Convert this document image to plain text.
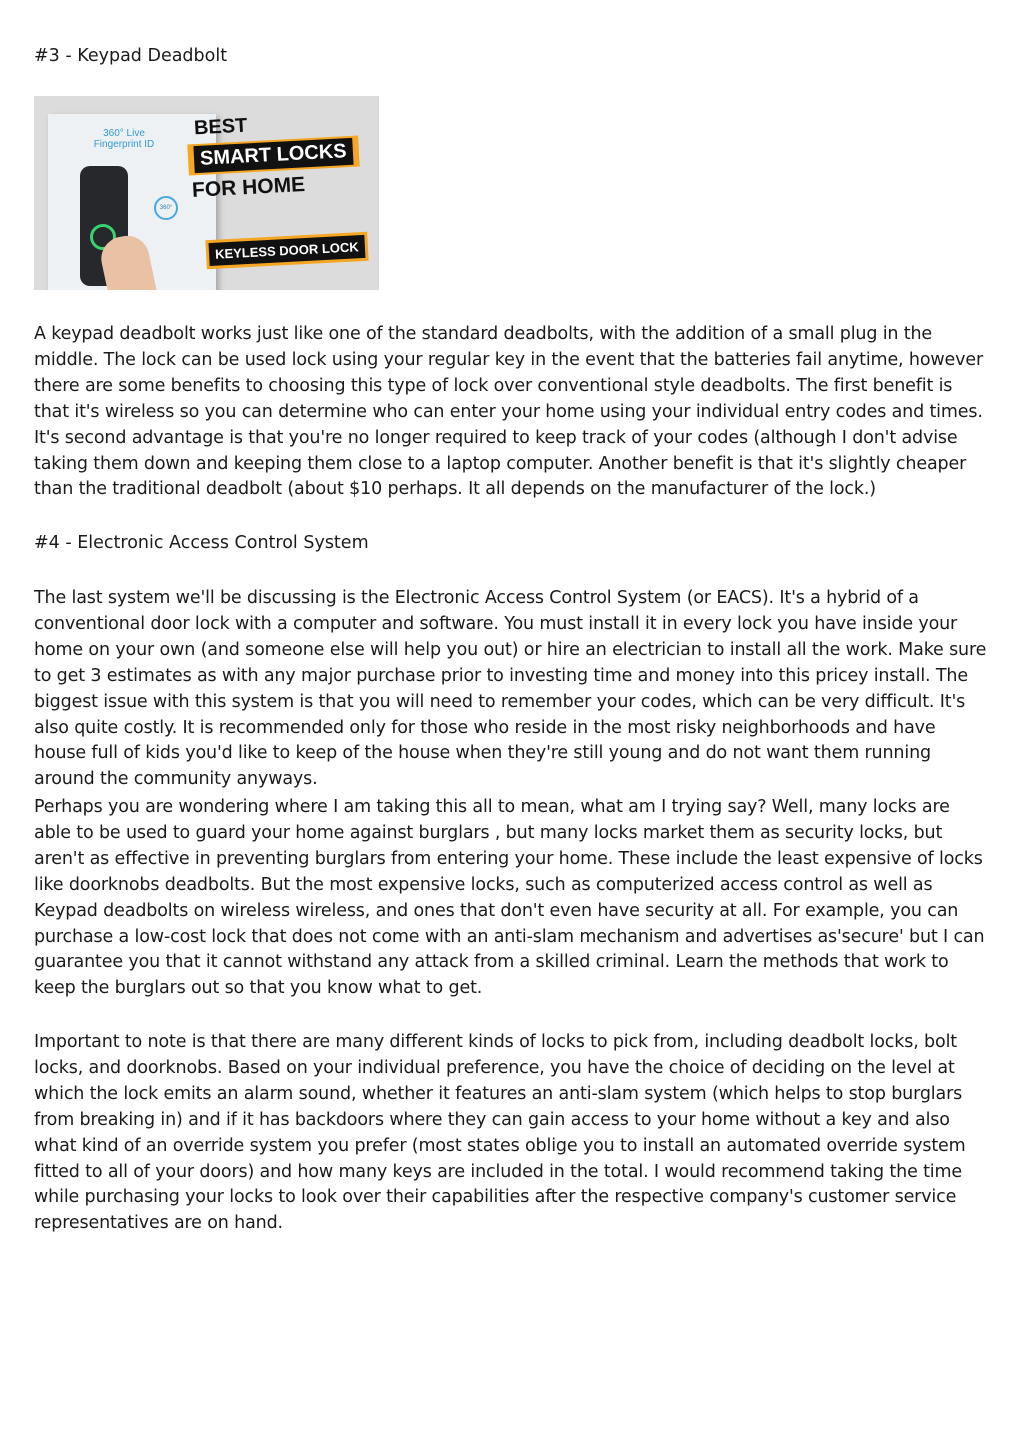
#3 - Keypad Deadbolt
360° Live Fingerprint ID
360°
BEST
SMART LOCKS
FOR HOME
KEYLESS DOOR LOCK

A keypad deadbolt works just like one of the standard deadbolts, with the addition of a small plug in the middle. The lock can be used lock using your regular key in the event that the batteries fail anytime, however there are some benefits to choosing this type of lock over conventional style deadbolts. The first benefit is that it's wireless so you can determine who can enter your home using your individual entry codes and times. It's second advantage is that you're no longer required to keep track of your codes (although I don't advise taking them down and keeping them close to a laptop computer. Another benefit is that it's slightly cheaper than the traditional deadbolt (about $10 perhaps. It all depends on the manufacturer of the lock.)

#4 - Electronic Access Control System

The last system we'll be discussing is the Electronic Access Control System (or EACS). It's a hybrid of a conventional door lock with a computer and software. You must install it in every lock you have inside your home on your own (and someone else will help you out) or hire an electrician to install all the work. Make sure to get 3 estimates as with any major purchase prior to investing time and money into this pricey install. The biggest issue with this system is that you will need to remember your codes, which can be very difficult. It's also quite costly. It is recommended only for those who reside in the most risky neighborhoods and have house full of kids you'd like to keep of the house when they're still young and do not want them running around the community anyways.

Perhaps you are wondering where I am taking this all to mean, what am I trying say? Well, many locks are able to be used to guard your home against burglars , but many locks market them as security locks, but aren't as effective in preventing burglars from entering your home. These include the least expensive of locks like doorknobs deadbolts. But the most expensive locks, such as computerized access control as well as Keypad deadbolts on wireless wireless, and ones that don't even have security at all. For example, you can purchase a low-cost lock that does not come with an anti-slam mechanism and advertises as'secure' but I can guarantee you that it cannot withstand any attack from a skilled criminal. Learn the methods that work to keep the burglars out so that you know what to get.

Important to note is that there are many different kinds of locks to pick from, including deadbolt locks, bolt locks, and doorknobs. Based on your individual preference, you have the choice of deciding on the level at which the lock emits an alarm sound, whether it features an anti-slam system (which helps to stop burglars from breaking in) and if it has backdoors where they can gain access to your home without a key and also what kind of an override system you prefer (most states oblige you to install an automated override system fitted to all of your doors) and how many keys are included in the total. I would recommend taking the time while purchasing your locks to look over their capabilities after the respective company's customer service representatives are on hand.
